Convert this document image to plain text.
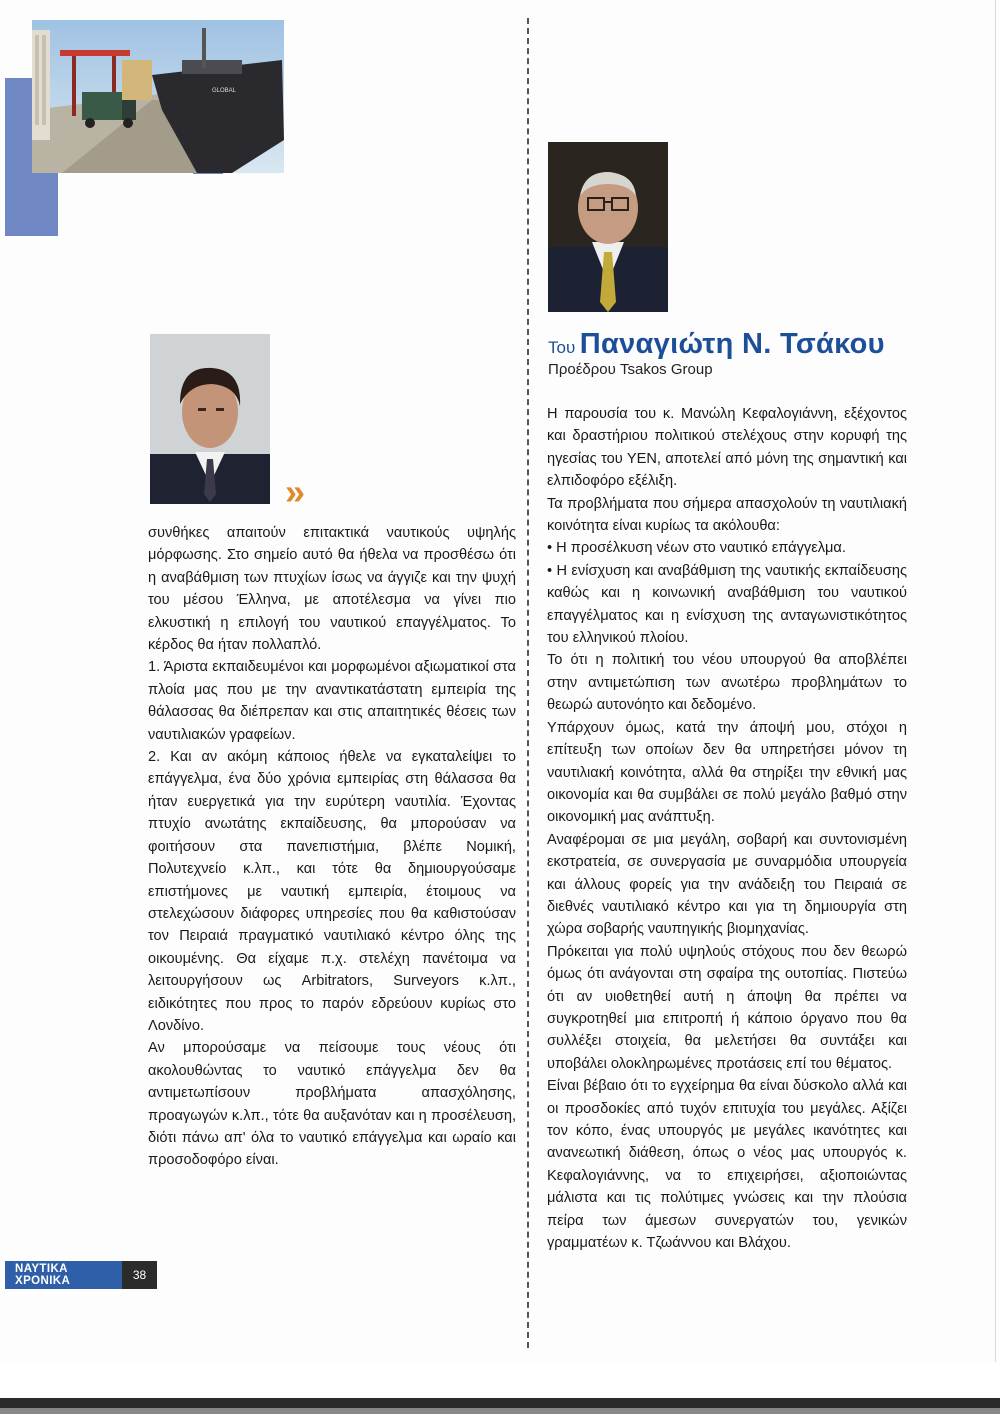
GLOBAL
»
Του Παναγιώτη Ν. Τσάκου
Προέδρου Tsakos Group

συνθήκες απαιτούν επιτακτικά ναυτικούς υψηλής μόρφωσης. Στο σημείο αυτό θα ήθελα να προσθέσω ότι η αναβάθμιση των πτυχίων ίσως να άγγιζε και την ψυχή του μέσου Έλληνα, με αποτέλεσμα να γίνει πιο ελκυστική η επιλογή του ναυτικού επαγγέλματος. Το κέρδος θα ήταν πολλαπλό.

1. Άριστα εκπαιδευμένοι και μορφωμένοι αξιωματικοί στα πλοία μας που με την αναντικατάστατη εμπειρία της θάλασσας θα διέπρεπαν και στις απαιτητικές θέσεις των ναυτιλιακών γραφείων.

2. Και αν ακόμη κάποιος ήθελε να εγκαταλείψει το επάγγελμα, ένα δύο χρόνια εμπειρίας στη θάλασσα θα ήταν ευεργετικά για την ευρύτερη ναυτιλία. Έχοντας πτυχίο ανωτάτης εκπαίδευσης, θα μπορούσαν να φοιτήσουν στα πανεπιστήμια, βλέπε Νομική, Πολυτεχνείο κ.λπ., και τότε θα δημιουργούσαμε επιστήμονες με ναυτική εμπειρία, έτοιμους να στελεχώσουν διάφορες υπηρεσίες που θα καθιστούσαν τον Πειραιά πραγματικό ναυτιλιακό κέντρο όλης της οικουμένης. Θα είχαμε π.χ. στελέχη πανέτοιμα να λειτουργήσουν ως Arbitrators, Surveyors κ.λπ., ειδικότητες που προς το παρόν εδρεύουν κυρίως στο Λονδίνο.

Αν μπορούσαμε να πείσουμε τους νέους ότι ακολουθώντας το ναυτικό επάγγελμα δεν θα αντιμετωπίσουν προβλήματα απασχόλησης, προαγωγών κ.λπ., τότε θα αυξανόταν και η προσέλευση, διότι πάνω απ' όλα το ναυτικό επάγγελμα και ωραίο και προσοδοφόρο είναι.

Η παρουσία του κ. Μανώλη Κεφαλογιάννη, εξέχοντος και δραστήριου πολιτικού στελέχους στην κορυφή της ηγεσίας του ΥΕΝ, αποτελεί από μόνη της σημαντική και ελπιδοφόρο εξέλιξη.

Τα προβλήματα που σήμερα απασχολούν τη ναυτιλιακή κοινότητα είναι κυρίως τα ακόλουθα:

• Η προσέλκυση νέων στο ναυτικό επάγγελμα.

• Η ενίσχυση και αναβάθμιση της ναυτικής εκπαίδευσης καθώς και η κοινωνική αναβάθμιση του ναυτικού επαγγέλματος και η ενίσχυση της ανταγωνιστικότητος του ελληνικού πλοίου.

Το ότι η πολιτική του νέου υπουργού θα αποβλέπει στην αντιμετώπιση των ανωτέρω προβλημάτων το θεωρώ αυτονόητο και δεδομένο.

Υπάρχουν όμως, κατά την άποψή μου, στόχοι η επίτευξη των οποίων δεν θα υπηρετήσει μόνον τη ναυτιλιακή κοινότητα, αλλά θα στηρίξει την εθνική μας οικονομία και θα συμβάλει σε πολύ μεγάλο βαθμό στην οικονομική μας ανάπτυξη.

Αναφέρομαι σε μια μεγάλη, σοβαρή και συντονισμένη εκστρατεία, σε συνεργασία με συναρμόδια υπουργεία και άλλους φορείς για την ανάδειξη του Πειραιά σε διεθνές ναυτιλιακό κέντρο και για τη δημιουργία στη χώρα σοβαρής ναυπηγικής βιομηχανίας.

Πρόκειται για πολύ υψηλούς στόχους που δεν θεωρώ όμως ότι ανάγονται στη σφαίρα της ουτοπίας. Πιστεύω ότι αν υιοθετηθεί αυτή η άποψη θα πρέπει να συγκροτηθεί μια επιτροπή ή κάποιο όργανο που θα συλλέξει στοιχεία, θα μελετήσει θα συντάξει και υποβάλει ολοκληρωμένες προτάσεις επί του θέματος.

Είναι βέβαιο ότι το εγχείρημα θα είναι δύσκολο αλλά και οι προσδοκίες από τυχόν επιτυχία του μεγάλες. Αξίζει τον κόπο, ένας υπουργός με μεγάλες ικανότητες και ανανεωτική διάθεση, όπως ο νέος μας υπουργός κ. Κεφαλογιάννης, να το επιχειρήσει, αξιοποιώντας μάλιστα και τις πολύτιμες γνώσεις και την πλούσια πείρα των άμεσων συνεργατών του, γενικών γραμματέων κ. Τζωάννου και Βλάχου.

ΝΑΥΤΙΚΑ ΧΡΟΝΙΚΑ	38
